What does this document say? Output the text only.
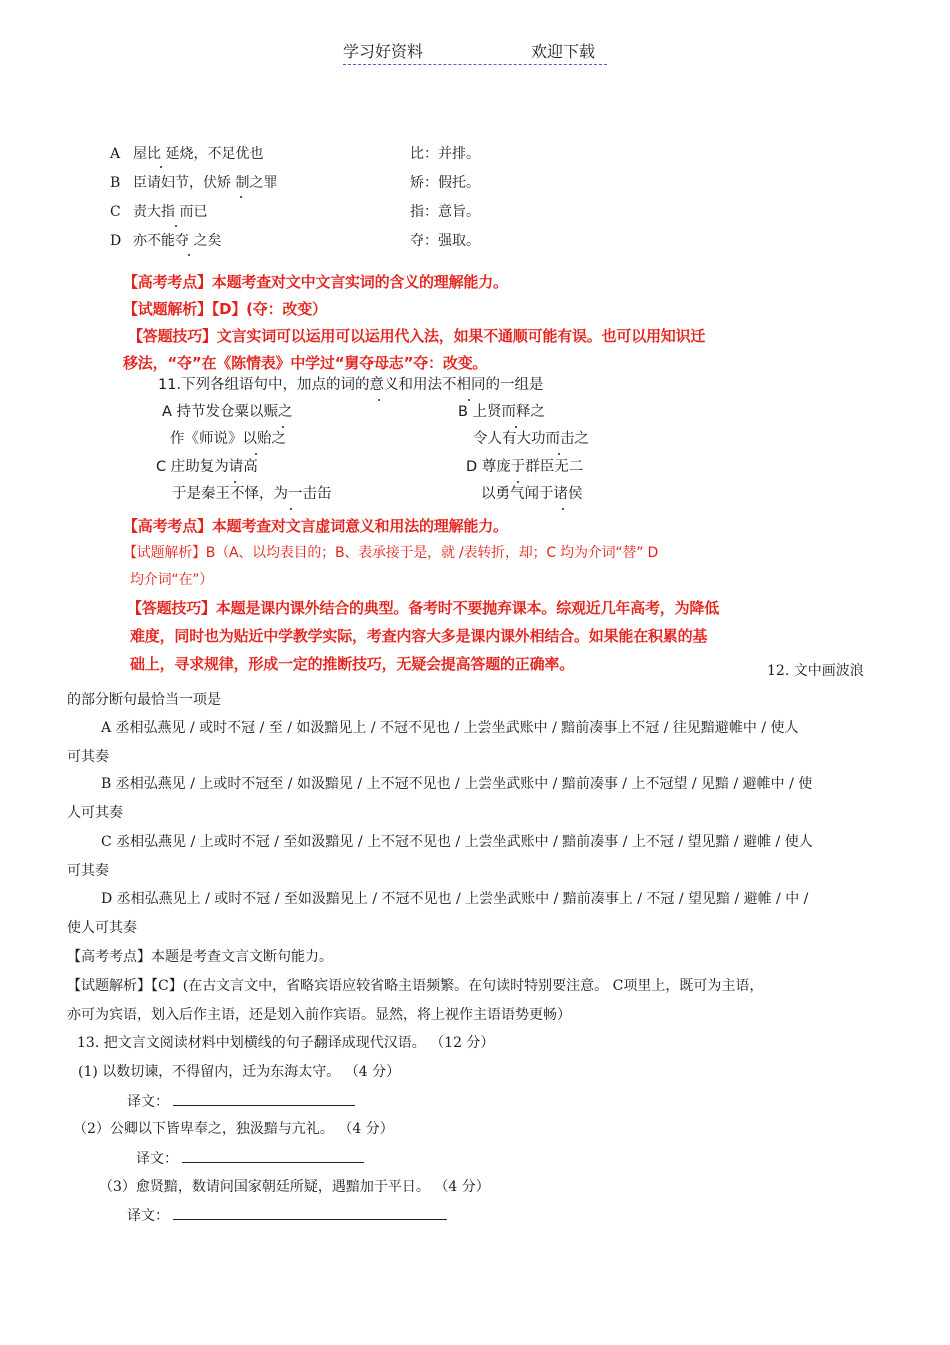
学习好资料	欢迎下载
A 屋比 延烧，不足优也	比：并排。
B 臣请妇节，伏矫 制之罪	矫：假托。
C 责大指 而已	指：意旨。
D 亦不能夺 之矣	夺：强取。
【高考考点】本题考查对文中文言实词的含义的理解能力。
【试题解析】【D】(夺：改变）
【答题技巧】文言实词可以运用可以运用代入法，如果不通顺可能有误。也可以用知识迁
移法，“夺”在《陈情表》中学过“舅夺母志”夺：改变。
11.下列各组语句中，加点的词的意义和用法不相同的一组是
A 持节发仓粟以赈之	B 上贤而释之
作《师说》以贻之	令人有大功而击之
C 庄助复为请高	D 尊庞于群臣无二
于是秦王不怿，为一击缶	以勇气闻于诸侯
【高考考点】本题考查对文言虚词意义和用法的理解能力。
【试题解析】B（A、以均表目的；B、表承接于是，就 /表转折，却；C 均为介词“替” D
均介词“在”）
【答题技巧】本题是课内课外结合的典型。备考时不要抛弃课本。综观近几年高考，为降低
难度，同时也为贴近中学教学实际，考查内容大多是课内课外相结合。如果能在积累的基
础上，寻求规律，形成一定的推断技巧，无疑会提高答题的正确率。	12. 文中画波浪
的部分断句最恰当一项是
A 丞相弘燕见 / 或时不冠 / 至 / 如汲黯见上 / 不冠不见也 / 上尝坐武账中 / 黯前凑事上不冠 / 往见黯避帷中 / 使人
可其奏
B 丞相弘燕见 / 上或时不冠至 / 如汲黯见 / 上不冠不见也 / 上尝坐武账中 / 黯前凑事 / 上不冠望 / 见黯 / 避帷中 / 使
人可其奏
C 丞相弘燕见 / 上或时不冠 / 至如汲黯见 / 上不冠不见也 / 上尝坐武账中 / 黯前凑事 / 上不冠 / 望见黯 / 避帷 / 使人
可其奏
D 丞相弘燕见上 / 或时不冠 / 至如汲黯见上 / 不冠不见也 / 上尝坐武账中 / 黯前凑事上 / 不冠 / 望见黯 / 避帷 / 中 /
使人可其奏
【高考考点】本题是考查文言文断句能力。
【试题解析】【C】(在古文言文中，省略宾语应较省略主语频繁。在句读时特别要注意。 C项里上，既可为主语，
亦可为宾语，划入后作主语，还是划入前作宾语。显然，将上视作主语语势更畅）
13. 把文言文阅读材料中划横线的句子翻译成现代汉语。 （12 分）
(1) 以数切谏，不得留内，迁为东海太守。 （4 分）
译文：
（2）公卿以下皆卑奉之，独汲黯与亢礼。 （4 分）
译文：
（3）愈贤黯，数请问国家朝廷所疑，遇黯加于平日。 （4 分）
译文：
